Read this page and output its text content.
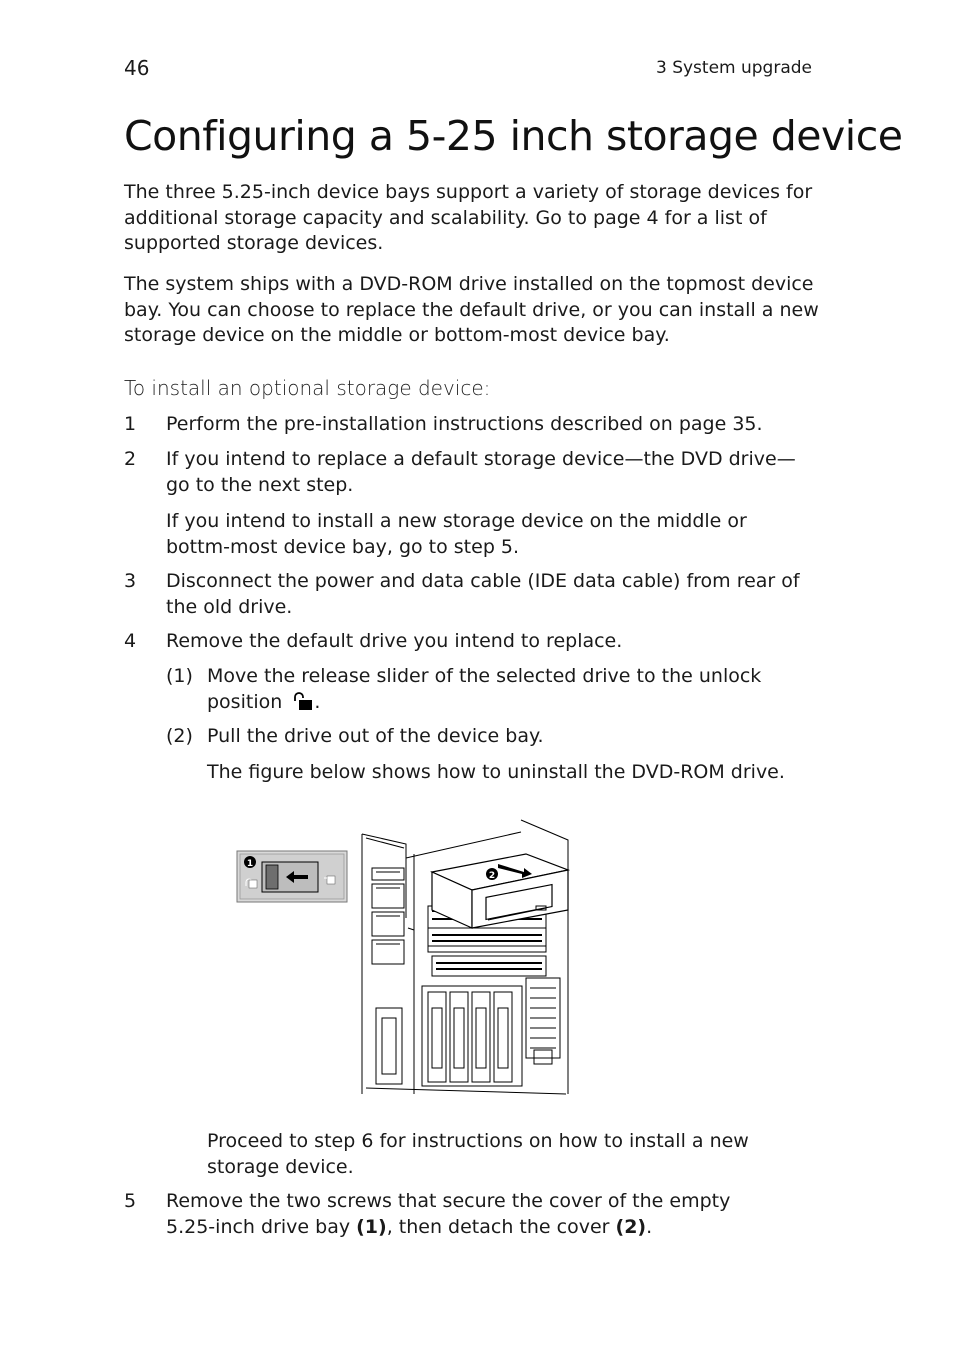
46	3 System upgrade
Configuring a 5-25 inch storage device

The three 5.25-inch device bays support a variety of storage devices for additional storage capacity and scalability. Go to page 4 for a list of supported storage devices.

The system ships with a DVD-ROM drive installed on the topmost device bay. You can choose to replace the default drive, or you can install a new storage device on the middle or bottom-most device bay.

To install an optional storage device:
1 Perform the pre-installation instructions described on page 35.
2 If you intend to replace a default storage device—the DVD drive—go to the next step.
If you intend to install a new storage device on the middle or bottm-most device bay, go to step 5.
3 Disconnect the power and data cable (IDE data cable) from rear of the old drive.
4 Remove the default drive you intend to replace.
(1) Move the release slider of the selected drive to the unlock position .
(2) Pull the drive out of the device bay.
The figure below shows how to uninstall the DVD-ROM drive.
2
1
Proceed to step 6 for instructions on how to install a new storage device.
5 Remove the two screws that secure the cover of the empty 5.25-inch drive bay (1), then detach the cover (2).
